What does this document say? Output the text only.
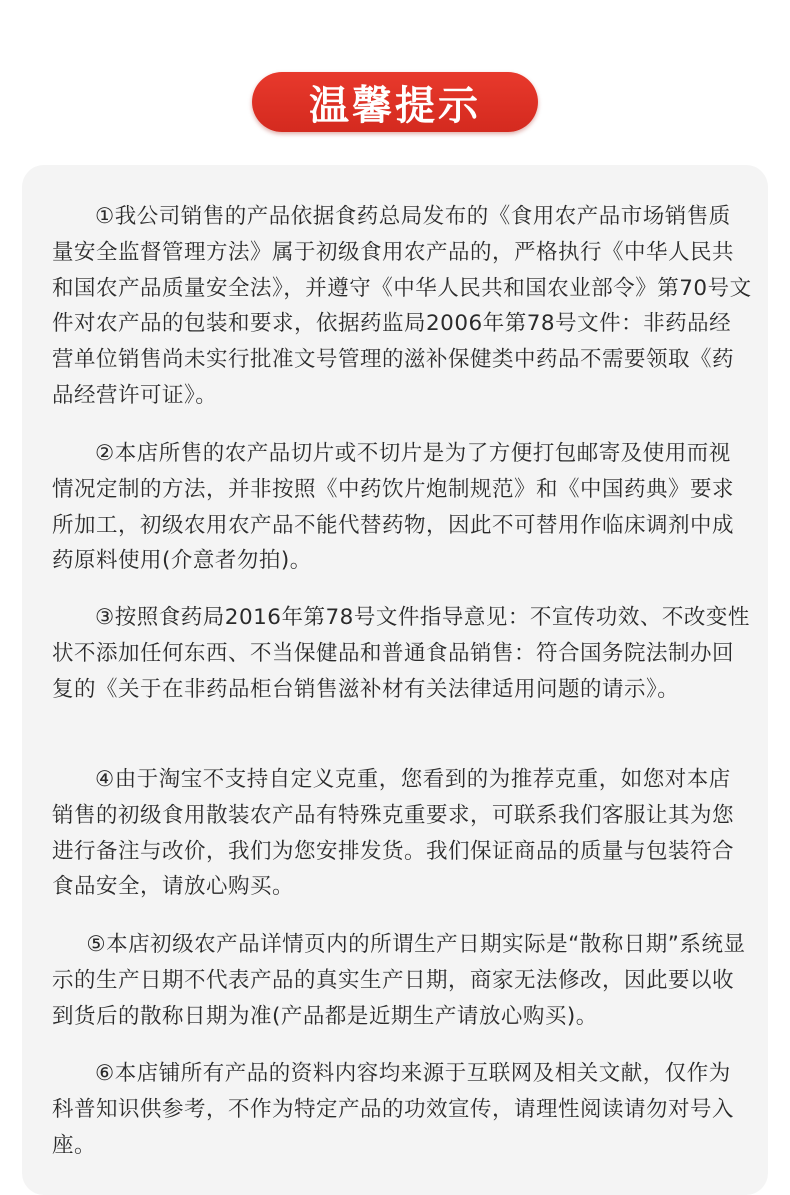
温馨提示

①我公司销售的产品依据食药总局发布的《食用农产品市场销售质量安全监督管理方法》属于初级食用农产品的，严格执行《中华人民共和国农产品质量安全法》，并遵守《中华人民共和国农业部令》第70号文件对农产品的包装和要求，依据药监局2006年第78号文件：非药品经营单位销售尚未实行批准文号管理的滋补保健类中药品不需要领取《药品经营许可证》。

②本店所售的农产品切片或不切片是为了方便打包邮寄及使用而视情况定制的方法，并非按照《中药饮片炮制规范》和《中国药典》要求所加工，初级农用农产品不能代替药物，因此不可替用作临床调剂中成药原料使用(介意者勿拍)。

③按照食药局2016年第78号文件指导意见：不宣传功效、不改变性状不添加任何东西、不当保健品和普通食品销售：符合国务院法制办回复的《关于在非药品柜台销售滋补材有关法律适用问题的请示》。

④由于淘宝不支持自定义克重，您看到的为推荐克重，如您对本店销售的初级食用散装农产品有特殊克重要求，可联系我们客服让其为您进行备注与改价，我们为您安排发货。我们保证商品的质量与包装符合食品安全，请放心购买。

⑤本店初级农产品详情页内的所谓生产日期实际是“散称日期”系统显示的生产日期不代表产品的真实生产日期，商家无法修改，因此要以收到货后的散称日期为准(产品都是近期生产请放心购买)。

⑥本店铺所有产品的资料内容均来源于互联网及相关文献，仅作为科普知识供参考，不作为特定产品的功效宣传，请理性阅读请勿对号入座。
